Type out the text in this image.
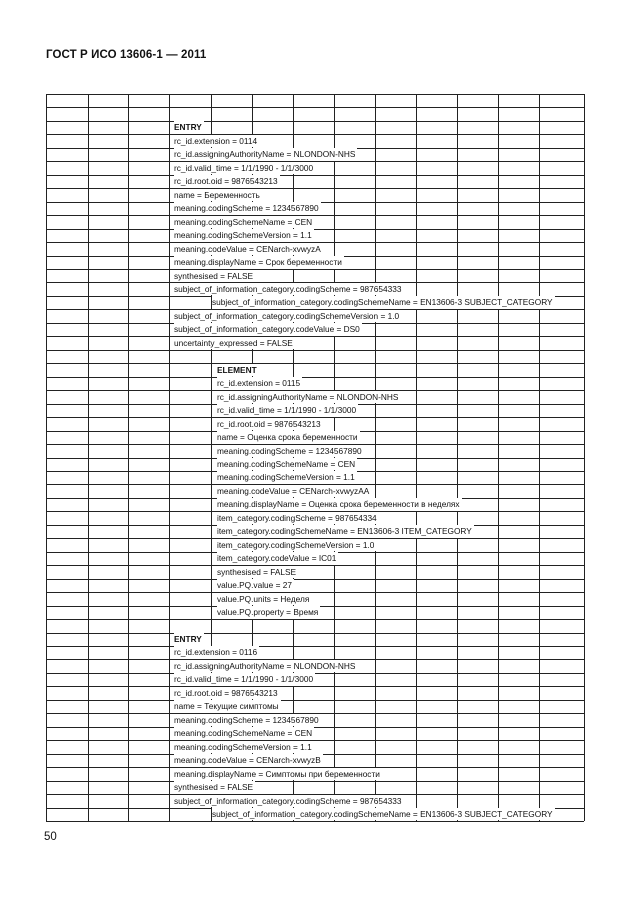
ГОСТ Р ИСО 13606-1 — 2011
ENTRY
rc_id.extension = 0114
rc_id.assigningAuthorityName = NLONDON-NHS
rc_id.valid_time = 1/1/1990 - 1/1/3000
rc_id.root.oid = 9876543213
name = Беременность
meaning.codingScheme = 1234567890
meaning.codingSchemeName = CEN
meaning.codingSchemeVersion = 1.1
meaning.codeValue = CENarch-xvwyzA
meaning.displayName = Срок беременности
synthesised = FALSE
subject_of_information_category.codingScheme = 987654333
subject_of_information_category.codingSchemeName = EN13606-3 SUBJECT_CATEGORY
subject_of_information_category.codingSchemeVersion = 1.0
subject_of_information_category.codeValue = DS0
uncertainty_expressed = FALSE
ELEMENT
rc_id.extension = 0115
rc_id.assigningAuthorityName = NLONDON-NHS
rc_id.valid_time = 1/1/1990 - 1/1/3000
rc_id.root.oid = 9876543213
name = Оценка срока беременности
meaning.codingScheme = 1234567890
meaning.codingSchemeName = CEN
meaning.codingSchemeVersion = 1.1
meaning.codeValue = CENarch-xvwyzAA
meaning.displayName = Оценка срока беременности в неделях
item_category.codingScheme = 987654334
item_category.codingSchemeName = EN13606-3 ITEM_CATEGORY
item_category.codingSchemeVersion = 1.0
item_category.codeValue = IC01
synthesised = FALSE
value.PQ.value = 27
value.PQ.units = Неделя
value.PQ.property = Время
ENTRY
rc_id.extension = 0116
rc_id.assigningAuthorityName = NLONDON-NHS
rc_id.valid_time = 1/1/1990 - 1/1/3000
rc_id.root.oid = 9876543213
name = Текущие симптомы
meaning.codingScheme = 1234567890
meaning.codingSchemeName = CEN
meaning.codingSchemeVersion = 1.1
meaning.codeValue = CENarch-xvwyzB
meaning.displayName = Симптомы при беременности
synthesised = FALSE
subject_of_information_category.codingScheme = 987654333
subject_of_information_category.codingSchemeName = EN13606-3 SUBJECT_CATEGORY
50
